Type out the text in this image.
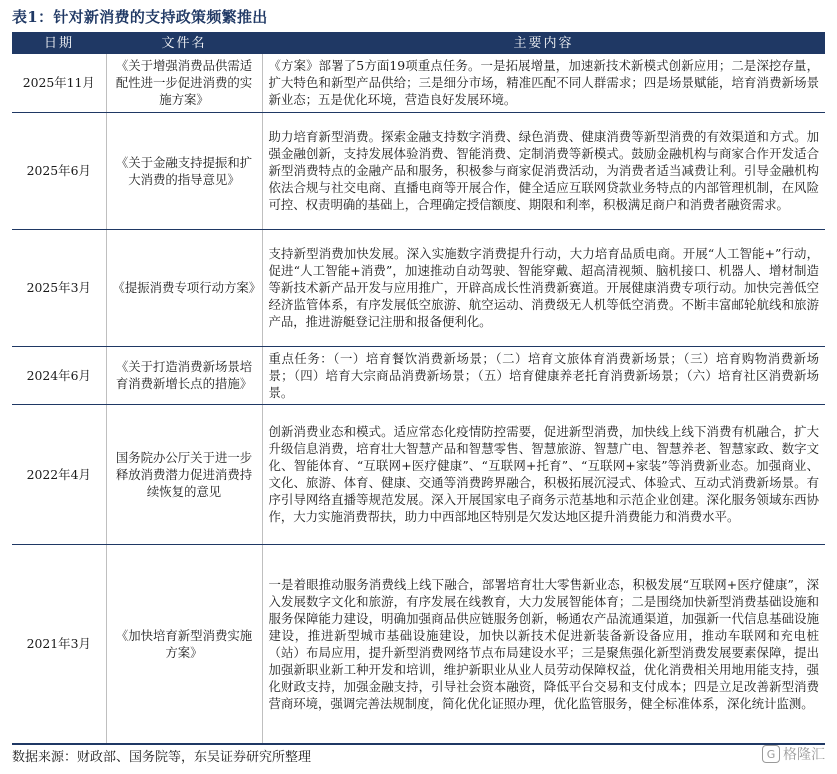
表1：针对新消费的支持政策频繁推出
日期	文件名	主要内容
2025年11月	《关于增强消费品供需适配性进一步促进消费的实施方案》	《方案》部署了5方面19项重点任务。一是拓展增量，加速新技术新模式创新应用；二是深挖存量，扩大特色和新型产品供给；三是细分市场，精准匹配不同人群需求；四是场景赋能，培育消费新场景新业态；五是优化环境，营造良好发展环境。
2025年6月	《关于金融支持提振和扩大消费的指导意见》	助力培育新型消费。探索金融支持数字消费、绿色消费、健康消费等新型消费的有效渠道和方式。加强金融创新，支持发展体验消费、智能消费、定制消费等新模式。鼓励金融机构与商家合作开发适合新型消费特点的金融产品和服务，积极参与商家促消费活动，为消费者适当减费让利。引导金融机构依法合规与社交电商、直播电商等开展合作，健全适应互联网贷款业务特点的内部管理机制，在风险可控、权责明确的基础上，合理确定授信额度、期限和利率，积极满足商户和消费者融资需求。
2025年3月	《提振消费专项行动方案》	支持新型消费加快发展。深入实施数字消费提升行动，大力培育品质电商。开展“人工智能+”行动，促进“人工智能+消费”，加速推动自动驾驶、智能穿戴、超高清视频、脑机接口、机器人、增材制造等新技术新产品开发与应用推广，开辟高成长性消费新赛道。开展健康消费专项行动。加快完善低空经济监管体系，有序发展低空旅游、航空运动、消费级无人机等低空消费。不断丰富邮轮航线和旅游产品，推进游艇登记注册和报备便利化。
2024年6月	《关于打造消费新场景培育消费新增长点的措施》	重点任务：（一）培育餐饮消费新场景；（二）培育文旅体育消费新场景；（三）培育购物消费新场景；（四）培育大宗商品消费新场景；（五）培育健康养老托育消费新场景；（六）培育社区消费新场景。
2022年4月	国务院办公厅关于进一步释放消费潜力促进消费持续恢复的意见	创新消费业态和模式。适应常态化疫情防控需要，促进新型消费，加快线上线下消费有机融合，扩大升级信息消费，培育壮大智慧产品和智慧零售、智慧旅游、智慧广电、智慧养老、智慧家政、数字文化、智能体育、“互联网+医疗健康”、“互联网+托育”、“互联网+家装”等消费新业态。加强商业、文化、旅游、体育、健康、交通等消费跨界融合，积极拓展沉浸式、体验式、互动式消费新场景。有序引导网络直播等规范发展。深入开展国家电子商务示范基地和示范企业创建。深化服务领域东西协作，大力实施消费帮扶，助力中西部地区特别是欠发达地区提升消费能力和消费水平。
2021年3月	《加快培育新型消费实施方案》	一是着眼推动服务消费线上线下融合，部署培育壮大零售新业态，积极发展“互联网+医疗健康”，深入发展数字文化和旅游，有序发展在线教育，大力发展智能体育；二是围绕加快新型消费基础设施和服务保障能力建设，明确加强商品供应链服务创新，畅通农产品流通渠道，加强新一代信息基础设施建设，推进新型城市基础设施建设，加快以新技术促进新装备新设备应用，推动车联网和充电桩（站）布局应用，提升新型消费网络节点布局建设水平；三是聚焦强化新型消费发展要素保障，提出加强新职业新工种开发和培训，维护新职业从业人员劳动保障权益，优化消费相关用地用能支持，强化财政支持，加强金融支持，引导社会资本融资，降低平台交易和支付成本；四是立足改善新型消费营商环境，强调完善法规制度，简化优化证照办理，优化监管服务，健全标准体系，深化统计监测。
数据来源：财政部、国务院等，东吴证券研究所整理	G 格隆汇
